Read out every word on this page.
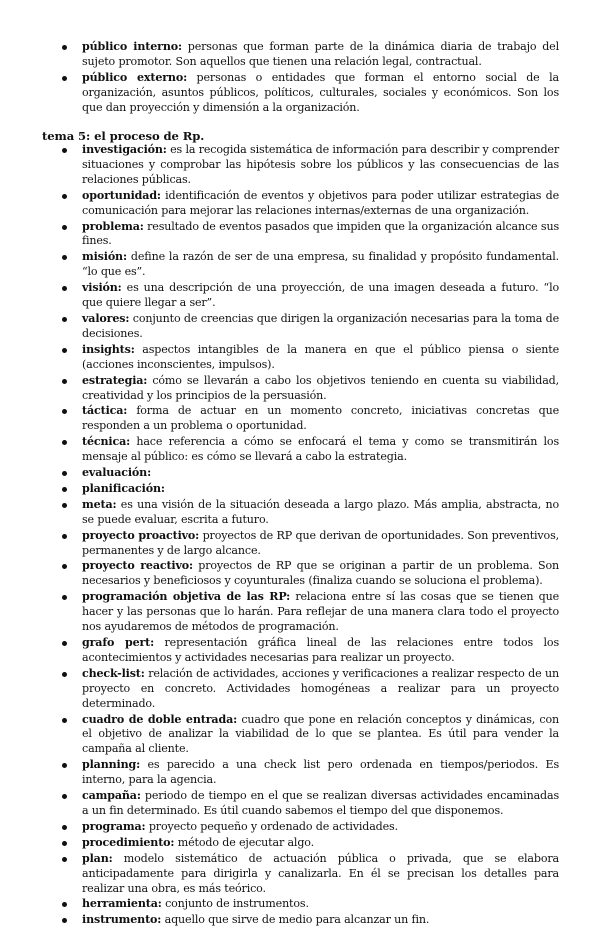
público interno: personas que forman parte de la dinámica diaria de trabajo del sujeto promotor. Son aquellos que tienen una relación legal, contractual.
público externo: personas o entidades que forman el entorno social de la organización, asuntos públicos, políticos, culturales, sociales y económicos. Son los que dan proyección y dimensión a la organización.
tema 5: el proceso de Rp.
investigación: es la recogida sistemática de información para describir y comprender situaciones y comprobar las hipótesis sobre los públicos y las consecuencias de las relaciones públicas.
oportunidad: identificación de eventos y objetivos para poder utilizar estrategias de comunicación para mejorar las relaciones internas/externas de una organización.
problema: resultado de eventos pasados que impiden que la organización alcance sus fines.
misión: define la razón de ser de una empresa, su finalidad y propósito fundamental. “lo que es”.
visión: es una descripción de una proyección, de una imagen deseada a futuro. “lo que quiere llegar a ser”.
valores: conjunto de creencias que dirigen la organización necesarias para la toma de decisiones.
insights: aspectos intangibles de la manera en que el público piensa o siente (acciones inconscientes, impulsos).
estrategia: cómo se llevarán a cabo los objetivos teniendo en cuenta su viabilidad, creatividad y los principios de la persuasión.
táctica: forma de actuar en un momento concreto, iniciativas concretas que responden a un problema o oportunidad.
técnica: hace referencia a cómo se enfocará el tema y como se transmitirán los mensaje al público: es cómo se llevará a cabo la estrategia.
evaluación:
planificación:
meta: es una visión de la situación deseada a largo plazo. Más amplia, abstracta, no se puede evaluar, escrita a futuro.
proyecto proactivo: proyectos de RP que derivan de oportunidades. Son preventivos, permanentes y de largo alcance.
proyecto reactivo: proyectos de RP que se originan a partir de un problema. Son necesarios y beneficiosos y coyunturales (finaliza cuando se soluciona el problema).
programación objetiva de las RP: relaciona entre sí las cosas que se tienen que hacer y las personas que lo harán. Para reflejar de una manera clara todo el proyecto nos ayudaremos de métodos de programación.
grafo pert: representación gráfica lineal de las relaciones entre todos los acontecimientos y actividades necesarias para realizar un proyecto.
check-list: relación de actividades, acciones y verificaciones a realizar respecto de un proyecto en concreto. Actividades homogéneas a realizar para un proyecto determinado.
cuadro de doble entrada: cuadro que pone en relación conceptos y dinámicas, con el objetivo de analizar la viabilidad de lo que se plantea. Es útil para vender la campaña al cliente.
planning: es parecido a una check list pero ordenada en tiempos/periodos. Es interno, para la agencia.
campaña: periodo de tiempo en el que se realizan diversas actividades encaminadas a un fin determinado. Es útil cuando sabemos el tiempo del que disponemos.
programa: proyecto pequeño y ordenado de actividades.
procedimiento: método de ejecutar algo.
plan: modelo sistemático de actuación pública o privada, que se elabora anticipadamente para dirigirla y canalizarla. En él se precisan los detalles para realizar una obra, es más teórico.
herramienta: conjunto de instrumentos.
instrumento: aquello que sirve de medio para alcanzar un fin.
